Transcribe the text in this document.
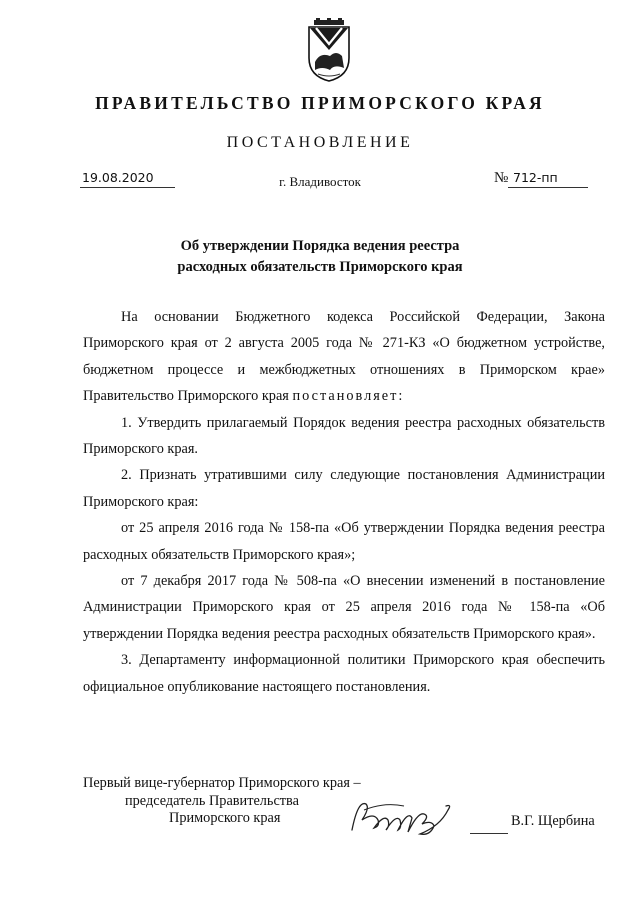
ПРАВИТЕЛЬСТВО ПРИМОРСКОГО КРАЯ
ПОСТАНОВЛЕНИЕ
19.08.2020	г. Владивосток	№ 712-пп
Об утверждении Порядка ведения реестра
расходных обязательств Приморского края

На основании Бюджетного кодекса Российской Федерации, Закона Приморского края от 2 августа 2005 года № 271-КЗ «О бюджетном устройстве, бюджетном процессе и межбюджетных отношениях в Приморском крае» Правительство Приморского края постановляет:

1. Утвердить прилагаемый Порядок ведения реестра расходных обязательств Приморского края.

2. Признать утратившими силу следующие постановления Администрации Приморского края:

от 25 апреля 2016 года № 158-па «Об утверждении Порядка ведения реестра расходных обязательств Приморского края»;

от 7 декабря 2017 года № 508-па «О внесении изменений в постановление Администрации Приморского края от 25 апреля 2016 года № 158-па «Об утверждении Порядка ведения реестра расходных обязательств Приморского края».

3. Департаменту информационной политики Приморского края обеспечить официальное опубликование настоящего постановления.

Первый вице-губернатор Приморского края –
председатель Правительства
Приморского края	В.Г. Щербина
